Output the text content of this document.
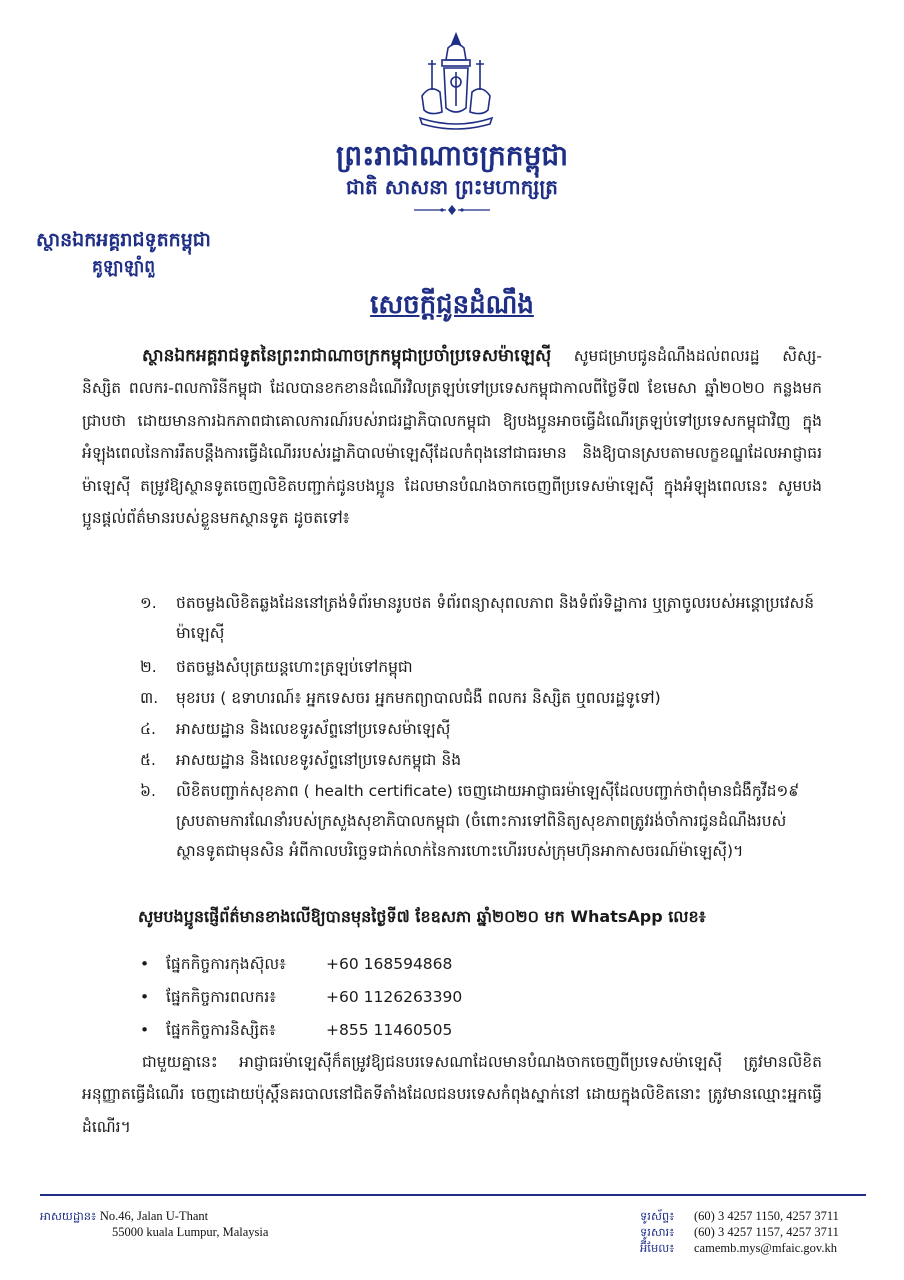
ព្រះរាជាណាចក្រកម្ពុជា
ជាតិ សាសនា ព្រះមហាក្សត្រ
ស្ថានឯកអគ្គរាជទូតកម្ពុជា
គូឡាឡាំពួ
សេចក្ដីជូនដំណឹង
ស្ថានឯកអគ្គរាជទូតនៃព្រះរាជាណាចក្រកម្ពុជាប្រចាំប្រទេសម៉ាឡេស៊ី សូមជម្រាបជូនដំណឹងដល់ពលរដ្ឋ សិស្ស-និស្សិត ពលករ-ពលការិនីកម្ពុជា ដែលបានខកខានដំណើរវិលត្រឡប់ទៅប្រទេសកម្ពុជាកាលពីថ្ងៃទី៧ ខែមេសា ឆ្នាំ២០២០ កន្លងមកជ្រាបថា ដោយមានការឯកភាពជាគោលការណ៍របស់រាជរដ្ឋាភិបាលកម្ពុជា ឱ្យបងប្អូនអាចធ្វើដំណើរត្រឡប់ទៅប្រទេសកម្ពុជាវិញ ក្នុងអំឡុងពេលនៃការរឹតបន្តឹងការធ្វើដំណើររបស់រដ្ឋាភិបាលម៉ាឡេស៊ីដែលកំពុងនៅជាធរមាន និងឱ្យបានស្របតាមលក្ខខណ្ឌដែលអាជ្ញាធរម៉ាឡេស៊ី តម្រូវឱ្យស្ថានទូតចេញលិខិតបញ្ជាក់ជូនបងប្អូន ដែលមានបំណងចាកចេញពីប្រទេសម៉ាឡេស៊ី ក្នុងអំឡុងពេលនេះ សូមបងប្អូនផ្ដល់ព័ត៌មានរបស់ខ្លួនមកស្ថានទូត ដូចតទៅ៖
១.	ថតចម្លងលិខិតឆ្លងដែននៅត្រង់ទំព័រមានរូបថត ទំព័រពន្យាសុពលភាព និងទំព័រទិដ្ឋាការ ឬត្រាចូលរបស់អន្តោប្រវេសន៍ម៉ាឡេស៊ី
២.	ថតចម្លងសំបុត្រយន្តហោះត្រឡប់ទៅកម្ពុជា
៣.	មុខរបរ ( ឧទាហរណ៍៖ អ្នកទេសចរ អ្នកមកព្យាបាលជំងឺ ពលករ និស្សិត ឬពលរដ្ឋទូទៅ)
៤.	អាសយដ្ឋាន និងលេខទូរស័ព្ទនៅប្រទេសម៉ាឡេស៊ី
៥.	អាសយដ្ឋាន និងលេខទូរស័ព្ទនៅប្រទេសកម្ពុជា និង
៦.	លិខិតបញ្ជាក់សុខភាព ( health certificate) ចេញដោយអាជ្ញាធរម៉ាឡេស៊ីដែលបញ្ជាក់ថាពុំមានជំងឺកូវីដ១៩ ស្របតាមការណែនាំរបស់ក្រសួងសុខាភិបាលកម្ពុជា (ចំពោះការទៅពិនិត្យសុខភាពត្រូវរង់ចាំការជូនដំណឹងរបស់ស្ថានទូតជាមុនសិន អំពីកាលបរិច្ឆេទជាក់លាក់នៃការហោះហើររបស់ក្រុមហ៊ុនអាកាសចរណ៍ម៉ាឡេស៊ី)។
សូមបងប្អូនផ្ញើព័ត៌មានខាងលើឱ្យបានមុនថ្ងៃទី៧ ខែឧសភា ឆ្នាំ២០២០ មក WhatsApp លេខ៖
•	ផ្នែកកិច្ចការកុងស៊ុល៖	+60 168594868
•	ផ្នែកកិច្ចការពលករ៖	+60 1126263390
•	ផ្នែកកិច្ចការនិស្សិត៖	+855 11460505
ជាមួយគ្នានេះ អាជ្ញាធរម៉ាឡេស៊ីក៏តម្រូវឱ្យជនបរទេសណាដែលមានបំណងចាកចេញពីប្រទេសម៉ាឡេស៊ី ត្រូវមានលិខិតអនុញ្ញាតធ្វើដំណើរ ចេញដោយប៉ុស្តិ៍នគរបាលនៅជិតទីតាំងដែលជនបរទេសកំពុងស្នាក់នៅ ដោយក្នុងលិខិតនោះ ត្រូវមានឈ្មោះអ្នកធ្វើដំណើរ។
អាសយដ្ឋាន៖ No.46, Jalan U-Thant
55000 kuala Lumpur, Malaysia
ទូរស័ព្ទ៖ (60) 3 4257 1150, 4257 3711
ទូរសារ៖ (60) 3 4257 1157, 4257 3711
អ៊ីមែល៖ camemb.mys@mfaic.gov.kh
